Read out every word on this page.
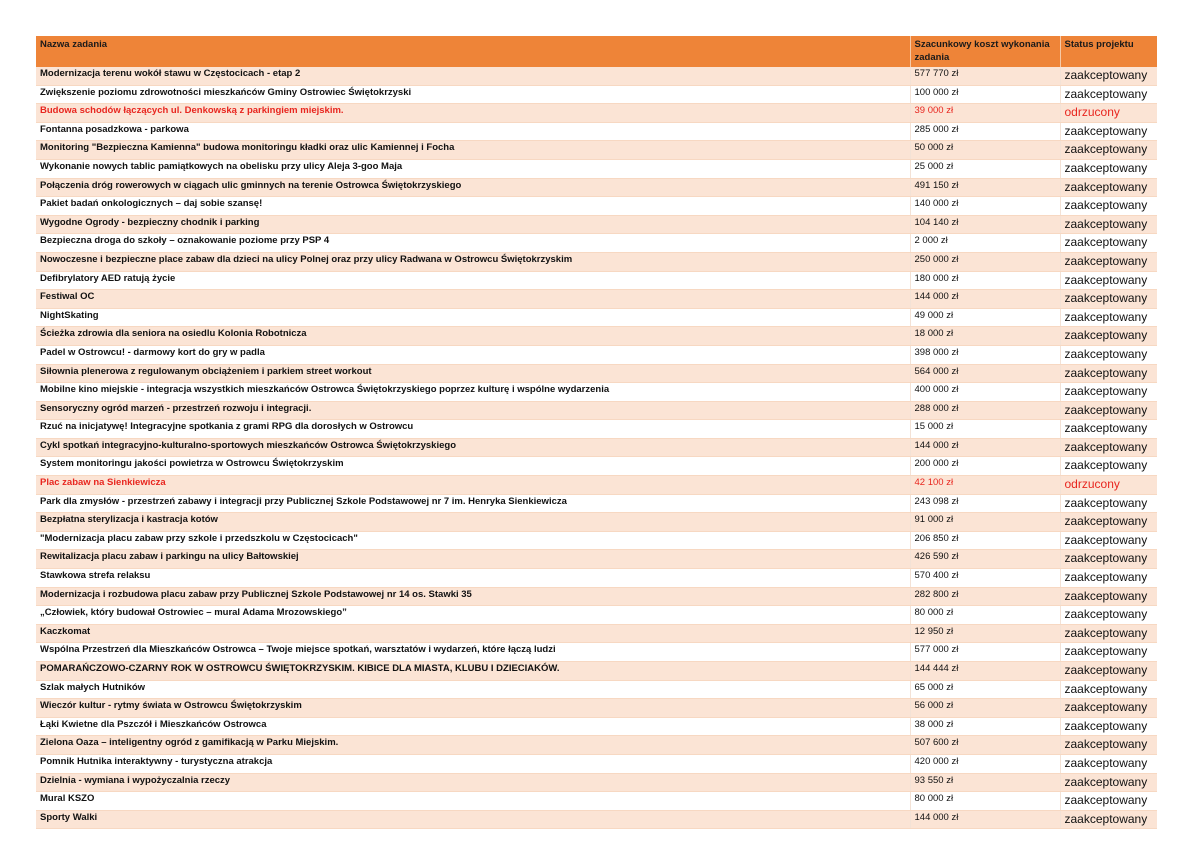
Nazwa zadania	Szacunkowy koszt wykonania zadania	Status projektu
Modernizacja terenu wokół stawu w Częstocicach - etap 2	577 770 zł	zaakceptowany
Zwiększenie poziomu zdrowotności mieszkańców Gminy Ostrowiec Świętokrzyski	100 000 zł	zaakceptowany
Budowa schodów łączących ul. Denkowską z parkingiem miejskim.	39 000 zł	odrzucony
Fontanna posadzkowa - parkowa	285 000 zł	zaakceptowany
Monitoring "Bezpieczna Kamienna" budowa monitoringu kładki oraz ulic Kamiennej i Focha	50 000 zł	zaakceptowany
Wykonanie nowych tablic pamiątkowych na obelisku przy ulicy Aleja 3-goo Maja	25 000 zł	zaakceptowany
Połączenia dróg rowerowych w ciągach ulic gminnych na terenie Ostrowca Świętokrzyskiego	491 150 zł	zaakceptowany
Pakiet badań onkologicznych – daj sobie szansę!	140 000 zł	zaakceptowany
Wygodne Ogrody - bezpieczny chodnik i parking	104 140 zł	zaakceptowany
Bezpieczna droga do szkoły – oznakowanie poziome przy PSP 4	2 000 zł	zaakceptowany
Nowoczesne i bezpieczne place zabaw dla dzieci na ulicy Polnej oraz przy ulicy Radwana w Ostrowcu Świętokrzyskim	250 000 zł	zaakceptowany
Defibrylatory AED ratują życie	180 000 zł	zaakceptowany
Festiwal OC	144 000 zł	zaakceptowany
NightSkating	49 000 zł	zaakceptowany
Ścieżka zdrowia dla seniora na osiedlu Kolonia Robotnicza	18 000 zł	zaakceptowany
Padel w Ostrowcu! - darmowy kort do gry w padla	398 000 zł	zaakceptowany
Siłownia plenerowa z regulowanym obciążeniem i parkiem street workout	564 000 zł	zaakceptowany
Mobilne kino miejskie - integracja wszystkich mieszkańców Ostrowca Świętokrzyskiego poprzez kulturę i wspólne wydarzenia	400 000 zł	zaakceptowany
Sensoryczny ogród marzeń - przestrzeń rozwoju i integracji.	288 000 zł	zaakceptowany
Rzuć na inicjatywę! Integracyjne spotkania z grami RPG dla dorosłych w Ostrowcu	15 000 zł	zaakceptowany
Cykl spotkań integracyjno-kulturalno-sportowych mieszkańców Ostrowca Świętokrzyskiego	144 000 zł	zaakceptowany
System monitoringu jakości powietrza w Ostrowcu Świętokrzyskim	200 000 zł	zaakceptowany
Plac zabaw na Sienkiewicza	42 100 zł	odrzucony
Park dla zmysłów - przestrzeń zabawy i integracji przy Publicznej Szkole Podstawowej nr 7 im. Henryka Sienkiewicza	243 098 zł	zaakceptowany
Bezpłatna sterylizacja i kastracja kotów	91 000 zł	zaakceptowany
"Modernizacja placu zabaw przy szkole i przedszkolu w Częstocicach"	206 850 zł	zaakceptowany
Rewitalizacja placu zabaw i parkingu na ulicy Bałtowskiej	426 590 zł	zaakceptowany
Stawkowa strefa relaksu	570 400 zł	zaakceptowany
Modernizacja i rozbudowa placu zabaw przy Publicznej Szkole Podstawowej nr 14 os. Stawki 35	282 800 zł	zaakceptowany
„Człowiek, który budował Ostrowiec – mural Adama Mrozowskiego”	80 000 zł	zaakceptowany
Kaczkomat	12 950 zł	zaakceptowany
Wspólna Przestrzeń dla Mieszkańców Ostrowca – Twoje miejsce spotkań, warsztatów i wydarzeń, które łączą ludzi	577 000 zł	zaakceptowany
POMARAŃCZOWO-CZARNY ROK W OSTROWCU ŚWIĘTOKRZYSKIM. KIBICE DLA MIASTA, KLUBU I DZIECIAKÓW.	144 444 zł	zaakceptowany
Szlak małych Hutników	65 000 zł	zaakceptowany
Wieczór kultur - rytmy świata w Ostrowcu Świętokrzyskim	56 000 zł	zaakceptowany
Łąki Kwietne dla Pszczół i Mieszkańców Ostrowca	38 000 zł	zaakceptowany
Zielona Oaza – inteligentny ogród z gamifikacją w Parku Miejskim.	507 600 zł	zaakceptowany
Pomnik Hutnika interaktywny - turystyczna atrakcja	420 000 zł	zaakceptowany
Dzielnia - wymiana i wypożyczalnia rzeczy	93 550 zł	zaakceptowany
Mural KSZO	80 000 zł	zaakceptowany
Sporty Walki	144 000 zł	zaakceptowany
